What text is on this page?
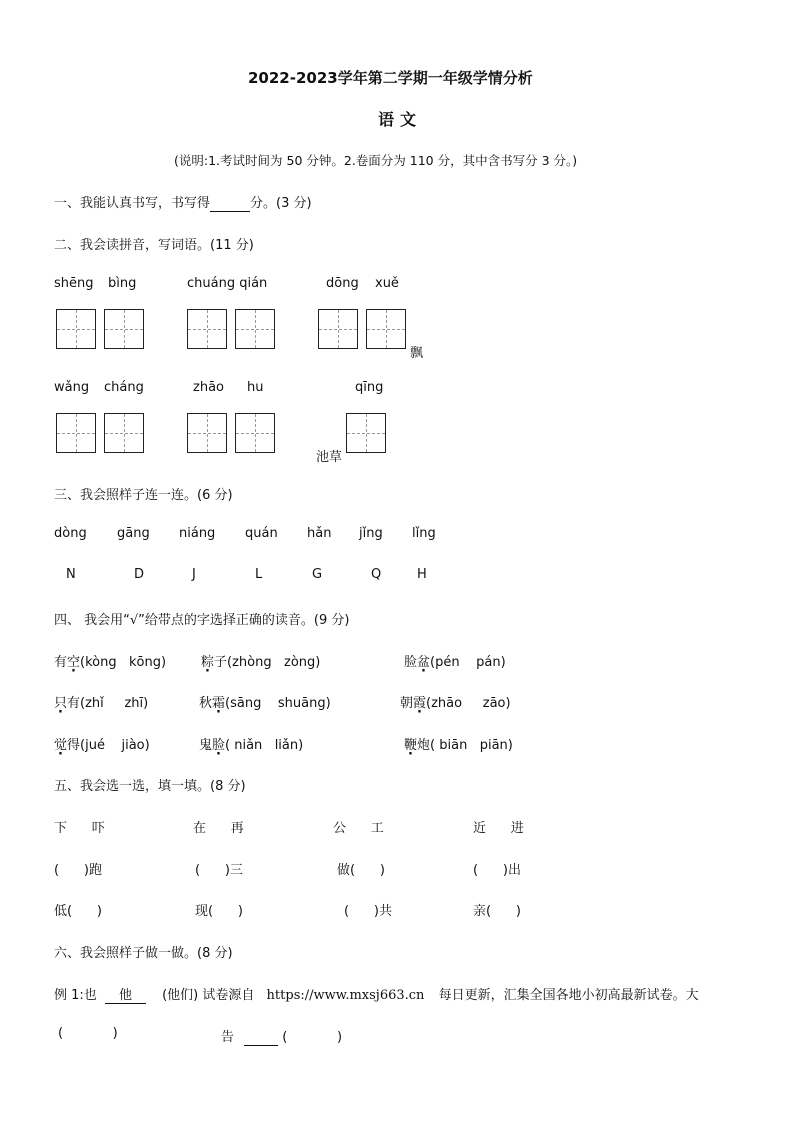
2022-2023学年第二学期一年级学情分析
语文
(说明:1.考试时间为 50 分钟。2.卷面分为 110 分，其中含书写分 3 分。)
一、我能认真书写，书写得	分。(3 分)
二、我会读拼音，写词语。(11 分)
shēng bìng	chuáng qián	dōng xuě
飘
wǎng cháng	zhāo hu	qīng
池草
三、我会照样子连一连。(6 分)
dòng gāng niáng quán hǎn jǐng lǐng
N	D	J	L	G	Q	H
四、 我会用“√”给带点的字选择正确的读音。(9 分)
有空(kòng   kōng)	粽子(zhòng   zòng)	脸盆(pén    pán)
只有(zhǐ     zhī)	秋霜(sāng    shuāng)	朝霞(zhāo     zāo)
觉得(jué    jiào)	鬼脸( niǎn   liǎn)	鞭炮( biān   piān)
五、我会选一选，填一填。(8 分)
下      吓	在      再	公      工	近      进
(      )跑	(      )三	做(      )	(      )出
低(      )	现(      )	(      )共	亲(      )
六、我会照样子做一做。(8 分)
例 1:也 他 (他们) 试卷源自 https://www.mxsj663.cn 每日更新，汇集全国各地小初高最新试卷。大
(            )	告	(            )
